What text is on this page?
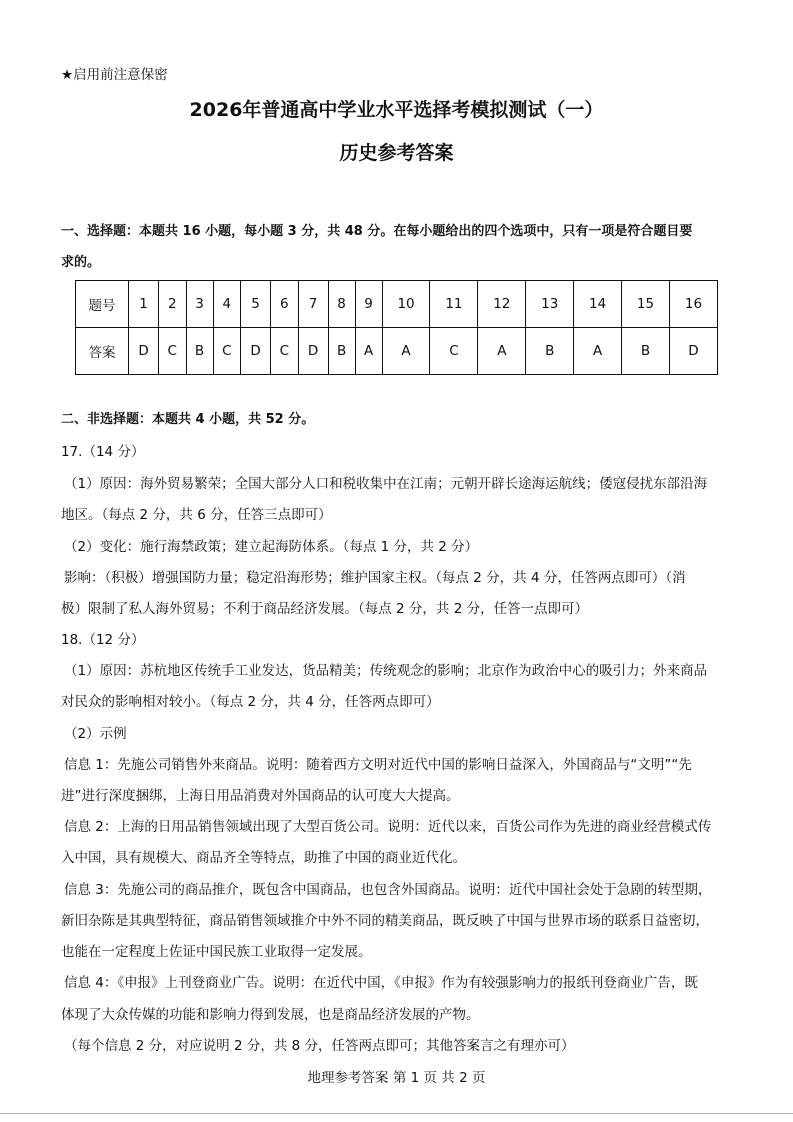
★启用前注意保密
2026年普通高中学业水平选择考模拟测试（一）
历史参考答案
一、选择题：本题共 16 小题，每小题 3 分，共 48 分。在每小题给出的四个选项中，只有一项是符合题目要
求的。
题号	1	2	3	4	5	6	7	8	9	10	11	12	13	14	15	16
答案	D	C	B	C	D	C	D	B	A	A	C	A	B	A	B	D
二、非选择题：本题共 4 小题，共 52 分。
17.（14 分）
（1）原因：海外贸易繁荣；全国大部分人口和税收集中在江南；元朝开辟长途海运航线；倭寇侵扰东部沿海
地区。（每点 2 分，共 6 分，任答三点即可）
（2）变化：施行海禁政策；建立起海防体系。（每点 1 分，共 2 分）
影响：（积极）增强国防力量；稳定沿海形势；维护国家主权。（每点 2 分，共 4 分，任答两点即可）（消
极）限制了私人海外贸易；不利于商品经济发展。（每点 2 分，共 2 分，任答一点即可）
18.（12 分）
（1）原因：苏杭地区传统手工业发达，货品精美；传统观念的影响；北京作为政治中心的吸引力；外来商品
对民众的影响相对较小。（每点 2 分，共 4 分，任答两点即可）
（2）示例
信息 1：先施公司销售外来商品。说明：随着西方文明对近代中国的影响日益深入，外国商品与“文明”“先
进”进行深度捆绑，上海日用品消费对外国商品的认可度大大提高。
信息 2：上海的日用品销售领域出现了大型百货公司。说明：近代以来，百货公司作为先进的商业经营模式传
入中国，具有规模大、商品齐全等特点，助推了中国的商业近代化。
信息 3：先施公司的商品推介，既包含中国商品，也包含外国商品。说明：近代中国社会处于急剧的转型期，
新旧杂陈是其典型特征，商品销售领域推介中外不同的精美商品，既反映了中国与世界市场的联系日益密切，
也能在一定程度上佐证中国民族工业取得一定发展。
信息 4：《申报》上刊登商业广告。说明：在近代中国，《申报》作为有较强影响力的报纸刊登商业广告，既
体现了大众传媒的功能和影响力得到发展，也是商品经济发展的产物。
（每个信息 2 分，对应说明 2 分，共 8 分，任答两点即可；其他答案言之有理亦可）
地理参考答案 第 1 页 共 2 页
